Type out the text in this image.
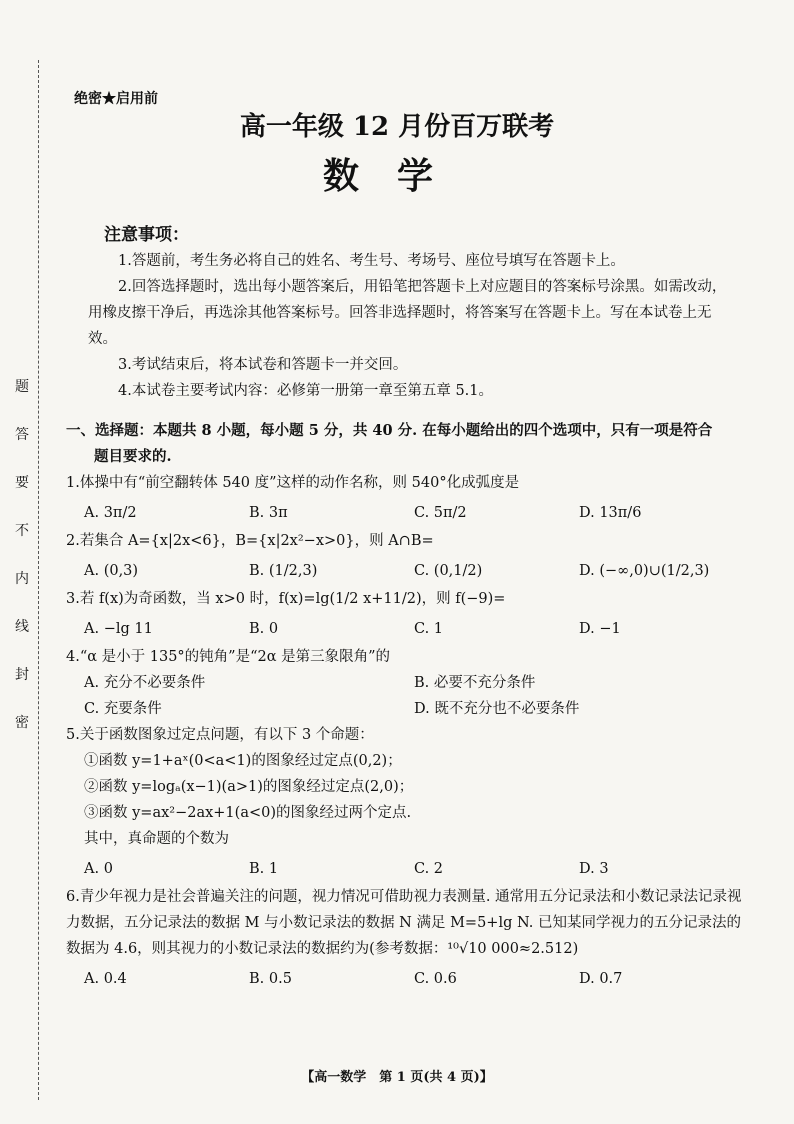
题
答
要
不
内
线
封
密
绝密★启用前
高一年级 12 月份百万联考
数学
注意事项：

1.答题前，考生务必将自己的姓名、考生号、考场号、座位号填写在答题卡上。

2.回答选择题时，选出每小题答案后，用铅笔把答题卡上对应题目的答案标号涂黑。如需改动，用橡皮擦干净后，再选涂其他答案标号。回答非选择题时，将答案写在答题卡上。写在本试卷上无效。

3.考试结束后，将本试卷和答题卡一并交回。

4.本试卷主要考试内容：必修第一册第一章至第五章 5.1。

一、选择题：本题共 8 小题，每小题 5 分，共 40 分. 在每小题给出的四个选项中，只有一项是符合

题目要求的.

1.体操中有“前空翻转体 540 度”这样的动作名称，则 540°化成弧度是

A. 3π/2	B. 3π	C. 5π/2	D. 13π/6

2.若集合 A={x|2x<6}，B={x|2x²−x>0}，则 A∩B=

A. (0,3)	B. (1/2,3)	C. (0,1/2)	D. (−∞,0)∪(1/2,3)

3.若 f(x)为奇函数，当 x>0 时，f(x)=lg(1/2 x+11/2)，则 f(−9)=

A. −lg 11	B. 0	C. 1	D. −1

4.“α 是小于 135°的钝角”是“2α 是第三象限角”的

A. 充分不必要条件	B. 必要不充分条件
C. 充要条件	D. 既不充分也不必要条件

5.关于函数图象过定点问题，有以下 3 个命题：

①函数 y=1+aˣ(0<a<1)的图象经过定点(0,2)；

②函数 y=logₐ(x−1)(a>1)的图象经过定点(2,0)；

③函数 y=ax²−2ax+1(a<0)的图象经过两个定点.

其中，真命题的个数为

A. 0	B. 1	C. 2	D. 3

6.青少年视力是社会普遍关注的问题，视力情况可借助视力表测量. 通常用五分记录法和小数记录法记录视力数据，五分记录法的数据 M 与小数记录法的数据 N 满足 M=5+lg N. 已知某同学视力的五分记录法的数据为 4.6，则其视力的小数记录法的数据约为(参考数据：¹⁰√10 000≈2.512)

A. 0.4	B. 0.5	C. 0.6	D. 0.7
【高一数学　第 1 页(共 4 页)】
